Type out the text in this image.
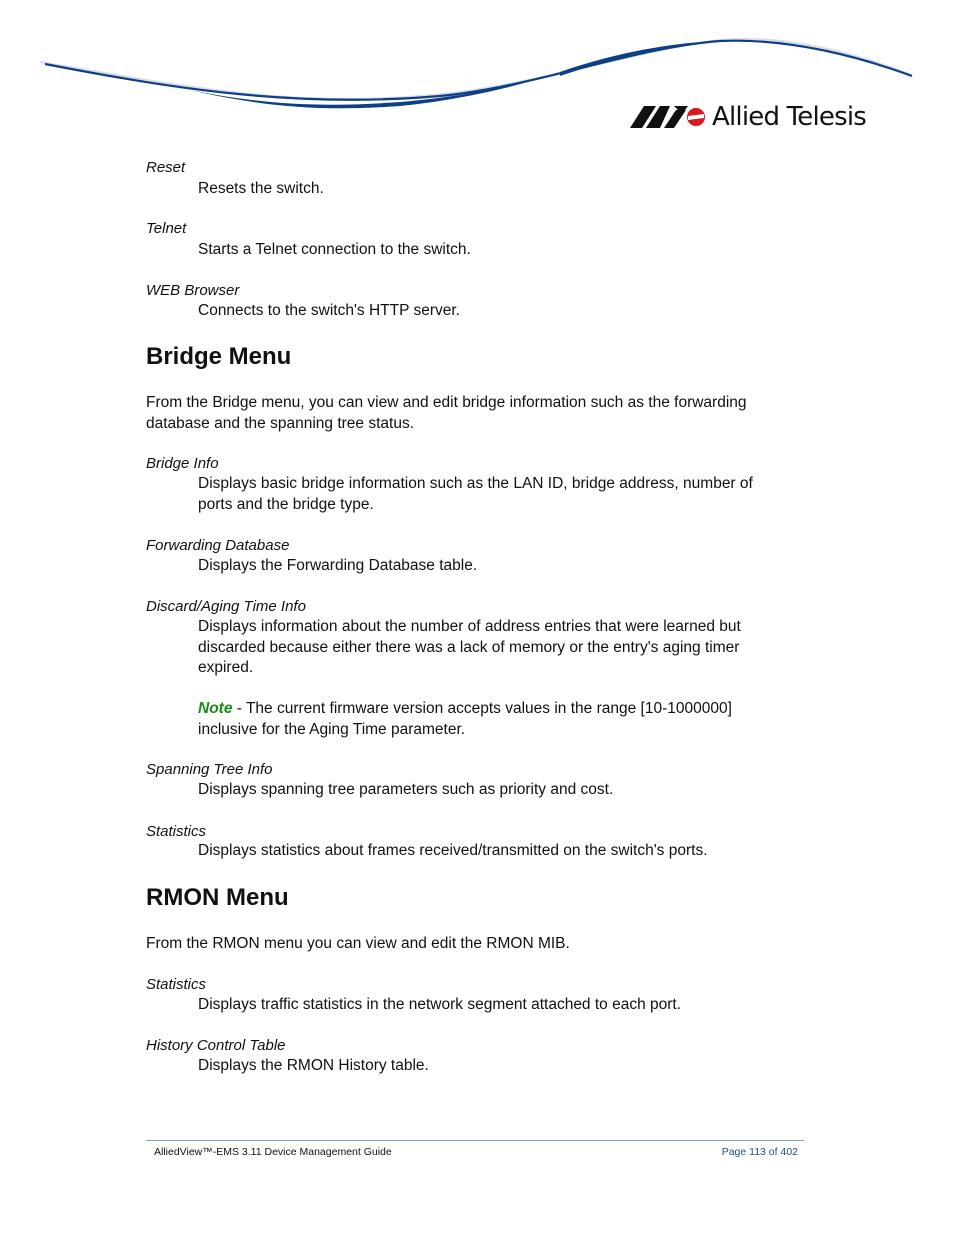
Allied Telesis
Reset
Resets the switch.
Telnet
Starts a Telnet connection to the switch.
WEB Browser
Connects to the switch's HTTP server.
Bridge Menu
From the Bridge menu, you can view and edit bridge information such as the forwarding database and the spanning tree status.
Bridge Info
Displays basic bridge information such as the LAN ID, bridge address, number of ports and the bridge type.
Forwarding Database
Displays the Forwarding Database table.
Discard/Aging Time Info
Displays information about the number of address entries that were learned but discarded because either there was a lack of memory or the entry's aging timer expired.
Note - The current firmware version accepts values in the range [10-1000000] inclusive for the Aging Time parameter.
Spanning Tree Info
Displays spanning tree parameters such as priority and cost.
Statistics
Displays statistics about frames received/transmitted on the switch's ports.
RMON Menu
From the RMON menu you can view and edit the RMON MIB.
Statistics
Displays traffic statistics in the network segment attached to each port.
History Control Table
Displays the RMON History table.
AlliedView™-EMS 3.11 Device Management Guide	Page 113 of 402
